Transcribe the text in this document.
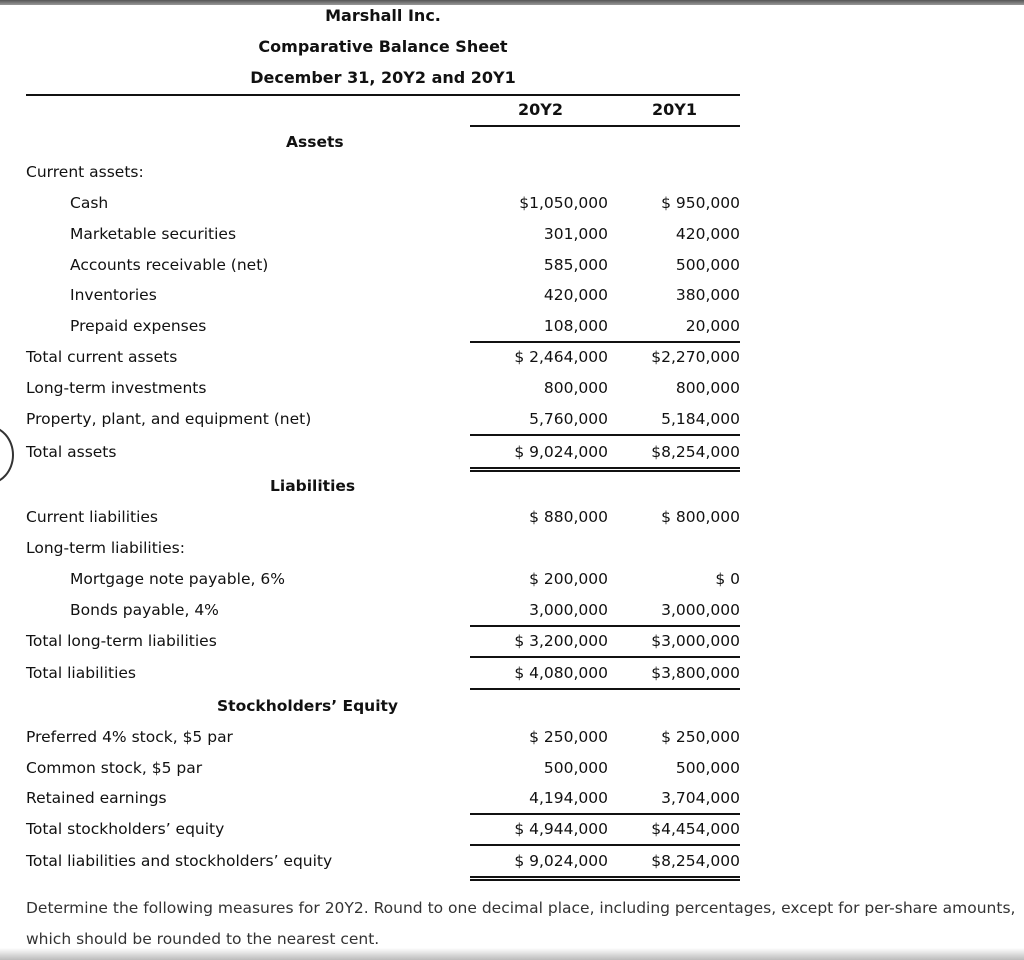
Marshall Inc.
Comparative Balance Sheet
December 31, 20Y2 and 20Y1
20Y2	20Y1
Assets
Current assets:
Cash	$1,050,000	$ 950,000
Marketable securities	301,000	420,000
Accounts receivable (net)	585,000	500,000
Inventories	420,000	380,000
Prepaid expenses	108,000	20,000
Total current assets	$ 2,464,000	$2,270,000
Long-term investments	800,000	800,000
Property, plant, and equipment (net)	5,760,000	5,184,000
Total assets	$ 9,024,000	$8,254,000
Liabilities
Current liabilities	$ 880,000	$ 800,000
Long-term liabilities:
Mortgage note payable, 6%	$ 200,000	$ 0
Bonds payable, 4%	3,000,000	3,000,000
Total long-term liabilities	$ 3,200,000	$3,000,000
Total liabilities	$ 4,080,000	$3,800,000
Stockholders’ Equity
Preferred 4% stock, $5 par	$ 250,000	$ 250,000
Common stock, $5 par	500,000	500,000
Retained earnings	4,194,000	3,704,000
Total stockholders’ equity	$ 4,944,000	$4,454,000
Total liabilities and stockholders’ equity	$ 9,024,000	$8,254,000
Determine the following measures for 20Y2. Round to one decimal place, including percentages, except for per-share amounts, which should be rounded to the nearest cent.
